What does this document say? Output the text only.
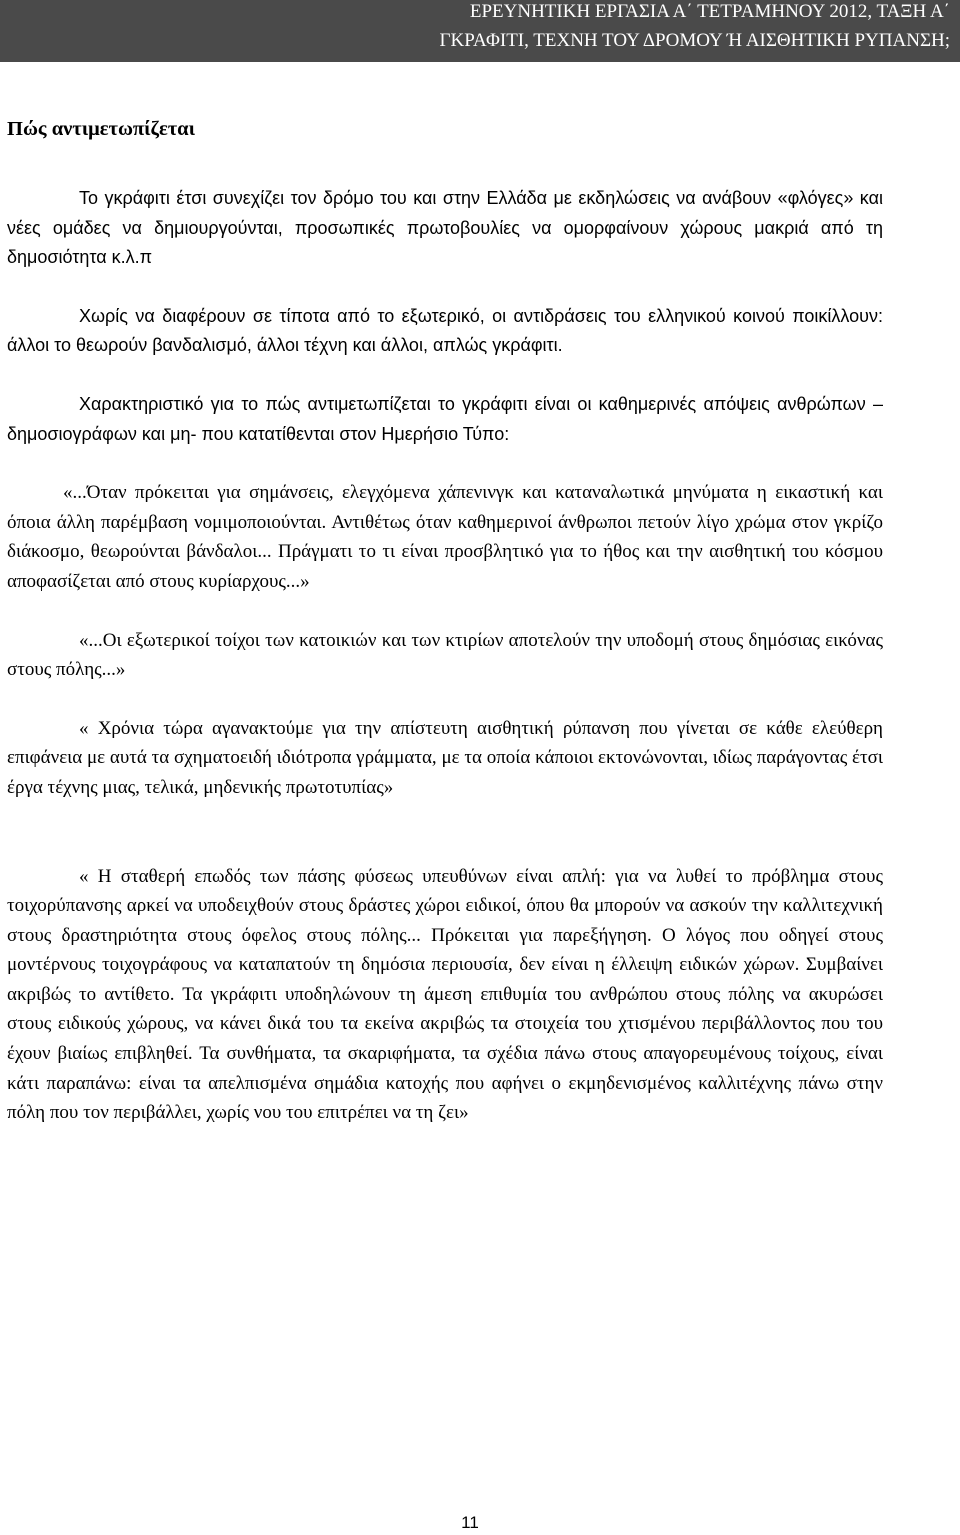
ΕΡΕΥΝΗΤΙΚΗ ΕΡΓΑΣΙΑ Α΄ ΤΕΤΡΑΜΗΝΟΥ 2012, ΤΑΞΗ Α΄
ΓΚΡΑΦΙΤΙ, ΤΕΧΝΗ ΤΟΥ ΔΡΟΜΟΥ Ή ΑΙΣΘΗΤΙΚΗ ΡΥΠΑΝΣΗ;
Πώς αντιμετωπίζεται

Το γκράφιτι έτσι συνεχίζει τον δρόμο του και στην Ελλάδα με εκδηλώσεις να ανάβουν «φλόγες» και νέες ομάδες να δημιουργούνται, προσωπικές πρωτοβουλίες να ομορφαίνουν χώρους μακριά από τη δημοσιότητα κ.λ.π

Χωρίς να διαφέρουν σε τίποτα από το εξωτερικό, οι αντιδράσεις του ελληνικού κοινού ποικίλλουν: άλλοι το θεωρούν βανδαλισμό, άλλοι τέχνη και άλλοι, απλώς γκράφιτι.

Χαρακτηριστικό για το πώς αντιμετωπίζεται το γκράφιτι είναι οι καθημερινές απόψεις ανθρώπων –δημοσιογράφων και μη- που κατατίθενται στον Ημερήσιο Τύπο:

«...Όταν πρόκειται για σημάνσεις, ελεγχόμενα χάπενινγκ και καταναλωτικά μηνύματα η εικαστική και όποια άλλη παρέμβαση νομιμοποιούνται. Αντιθέτως όταν καθημερινοί άνθρωποι πετούν λίγο χρώμα στον γκρίζο διάκοσμο, θεωρούνται βάνδαλοι... Πράγματι το τι είναι προσβλητικό για το ήθος και την αισθητική του κόσμου αποφασίζεται από στους κυρίαρχους...»

«...Οι εξωτερικοί τοίχοι των κατοικιών και των κτιρίων αποτελούν την υποδομή στους δημόσιας εικόνας στους πόλης...»

« Χρόνια τώρα αγανακτούμε για την απίστευτη αισθητική ρύπανση που γίνεται σε κάθε ελεύθερη επιφάνεια με αυτά τα σχηματοειδή ιδιότροπα γράμματα, με τα οποία κάποιοι εκτονώνονται, ιδίως παράγοντας έτσι έργα τέχνης μιας, τελικά, μηδενικής πρωτοτυπίας»

« Η σταθερή επωδός των πάσης φύσεως υπευθύνων είναι απλή: για να λυθεί το πρόβλημα στους τοιχορύπανσης αρκεί να υποδειχθούν στους δράστες χώροι ειδικοί, όπου θα μπορούν να ασκούν την καλλιτεχνική στους δραστηριότητα στους όφελος στους πόλης... Πρόκειται για παρεξήγηση. Ο λόγος που οδηγεί στους μοντέρνους τοιχογράφους να καταπατούν τη δημόσια περιουσία, δεν είναι η έλλειψη ειδικών χώρων. Συμβαίνει ακριβώς το αντίθετο. Τα γκράφιτι υποδηλώνουν τη άμεση επιθυμία του ανθρώπου στους πόλης να ακυρώσει στους ειδικούς χώρους, να κάνει δικά του τα εκείνα ακριβώς τα στοιχεία του χτισμένου περιβάλλοντος που του έχουν βιαίως επιβληθεί. Τα συνθήματα, τα σκαριφήματα, τα σχέδια πάνω στους απαγορευμένους τοίχους, είναι κάτι παραπάνω: είναι τα απελπισμένα σημάδια κατοχής που αφήνει ο εκμηδενισμένος καλλιτέχνης πάνω στην πόλη που τον περιβάλλει, χωρίς νου του επιτρέπει να τη ζει»

11
